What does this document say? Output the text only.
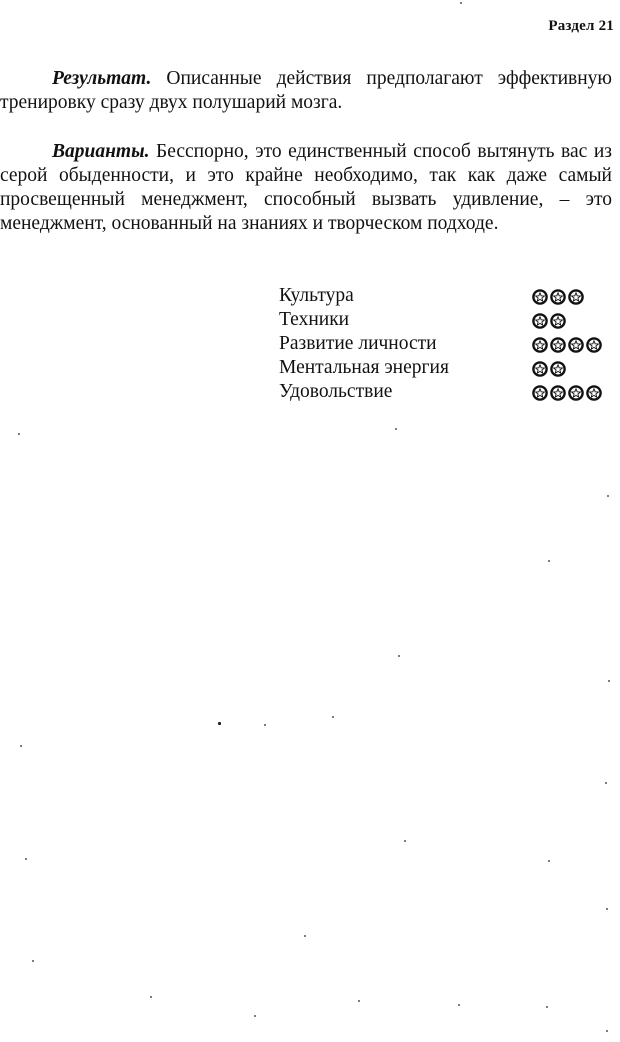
Раздел 21

Результат. Описанные действия предполагают эффективную тренировку сразу двух полушарий мозга.

Варианты. Бесспорно, это единственный способ вытянуть вас из серой обыденности, и это крайне необходимо, так как даже самый просвещенный менеджмент, способный вызвать удивление, – это менеджмент, основанный на знаниях и творческом подходе.

Культура
Техники
Развитие личности
Ментальная энергия
Удовольствие
